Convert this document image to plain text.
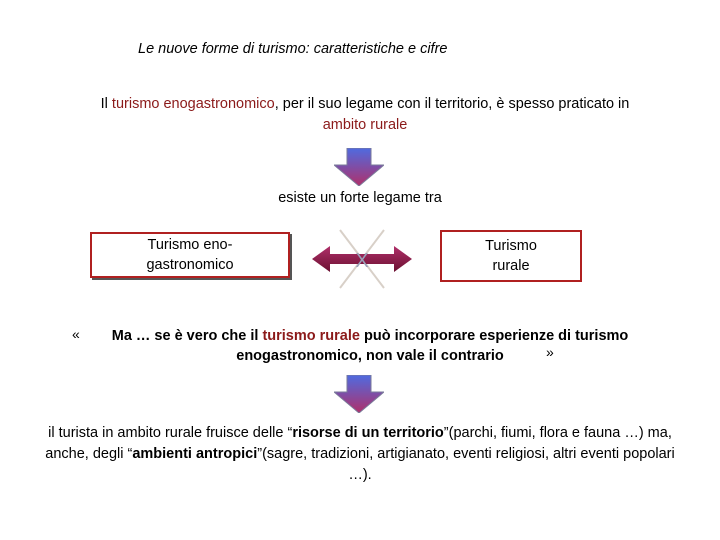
Le nuove forme di turismo: caratteristiche e cifre
Il turismo enogastronomico, per il suo legame con il territorio, è spesso praticato in ambito rurale
esiste un forte legame tra
Turismo eno-gastronomico	X
Turismo rurale
«	Ma … se è vero che il turismo rurale può incorporare esperienze di turismo enogastronomico, non vale il contrario	»
il turista in ambito rurale fruisce delle “risorse di un territorio”(parchi, fiumi, flora e fauna …) ma, anche, degli “ambienti antropici”(sagre, tradizioni, artigianato, eventi religiosi, altri eventi popolari …).
